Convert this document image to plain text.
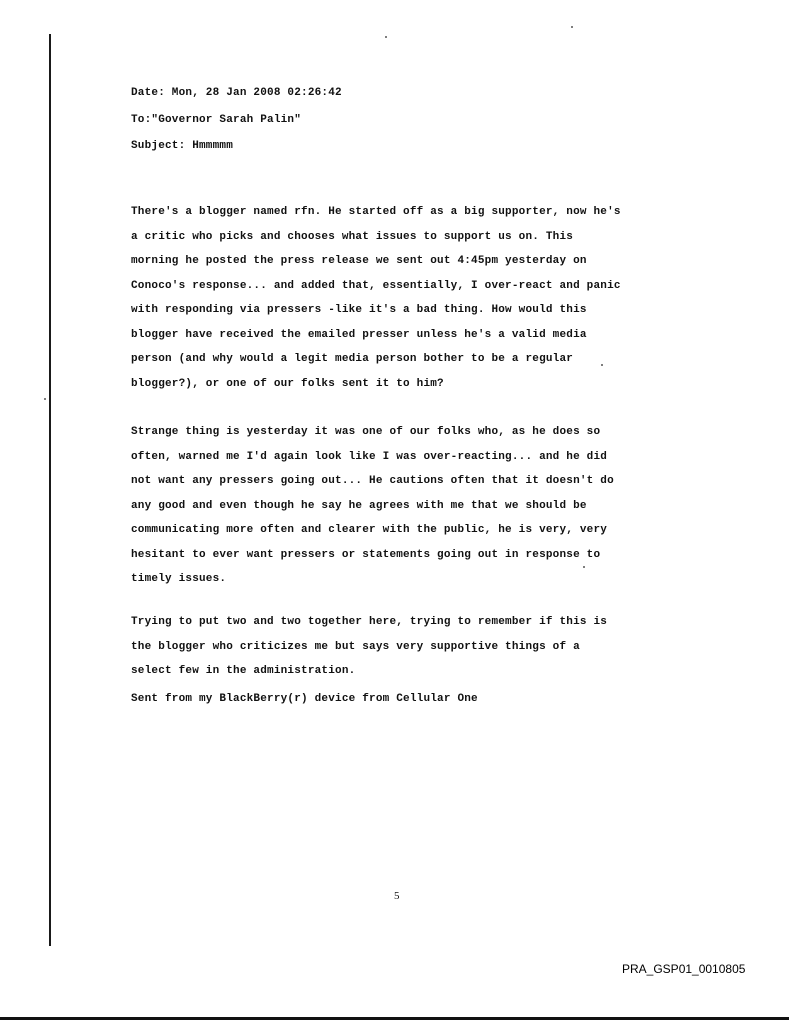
Date: Mon, 28 Jan 2008 02:26:42
To:"Governor Sarah Palin"
Subject: Hmmmmm
There's a blogger named rfn. He started off as a big supporter, now he's
a critic who picks and chooses what issues to support us on. This
morning he posted the press release we sent out 4:45pm yesterday on
Conoco's response... and added that, essentially, I over-react and panic
with responding via pressers -like it's a bad thing. How would this
blogger have received the emailed presser unless he's a valid media
person (and why would a legit media person bother to be a regular
blogger?), or one of our folks sent it to him?
Strange thing is yesterday it was one of our folks who, as he does so
often, warned me I'd again look like I was over-reacting... and he did
not want any pressers going out... He cautions often that it doesn't do
any good and even though he say he agrees with me that we should be
communicating more often and clearer with the public, he is very, very
hesitant to ever want pressers or statements going out in response to
timely issues.
Trying to put two and two together here, trying to remember if this is
the blogger who criticizes me but says very supportive things of a
select few in the administration.
Sent from my BlackBerry(r) device from Cellular One
5
PRA_GSP01_0010805
